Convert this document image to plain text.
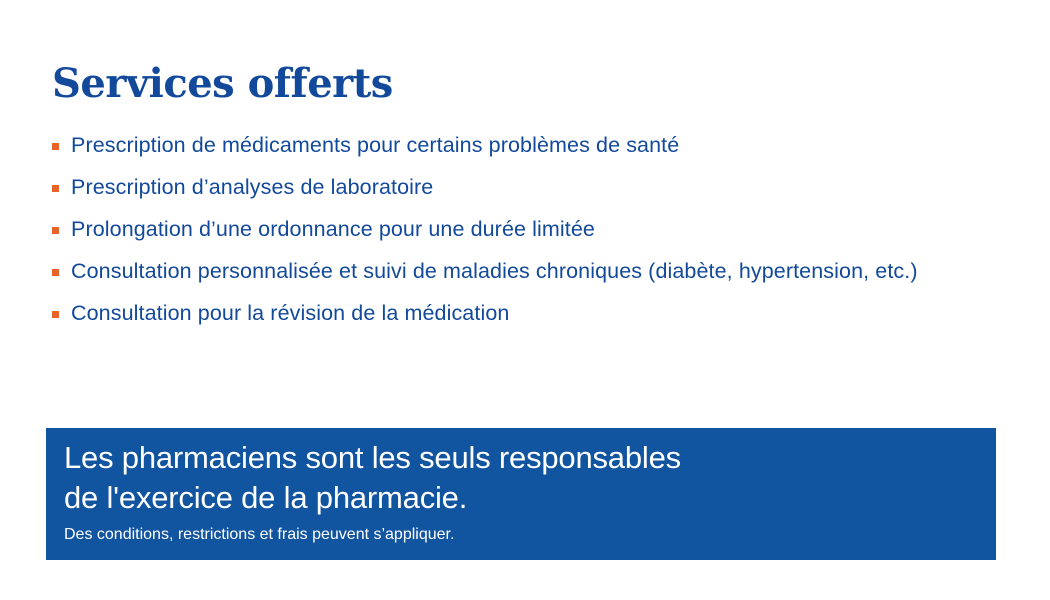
Services offerts
Prescription de médicaments pour certains problèmes de santé
Prescription d’analyses de laboratoire
Prolongation d’une ordonnance pour une durée limitée
Consultation personnalisée et suivi de maladies chroniques (diabète, hypertension, etc.)
Consultation pour la révision de la médication
Les pharmaciens sont les seuls responsables
de l'exercice de la pharmacie.
Des conditions, restrictions et frais peuvent s’appliquer.
